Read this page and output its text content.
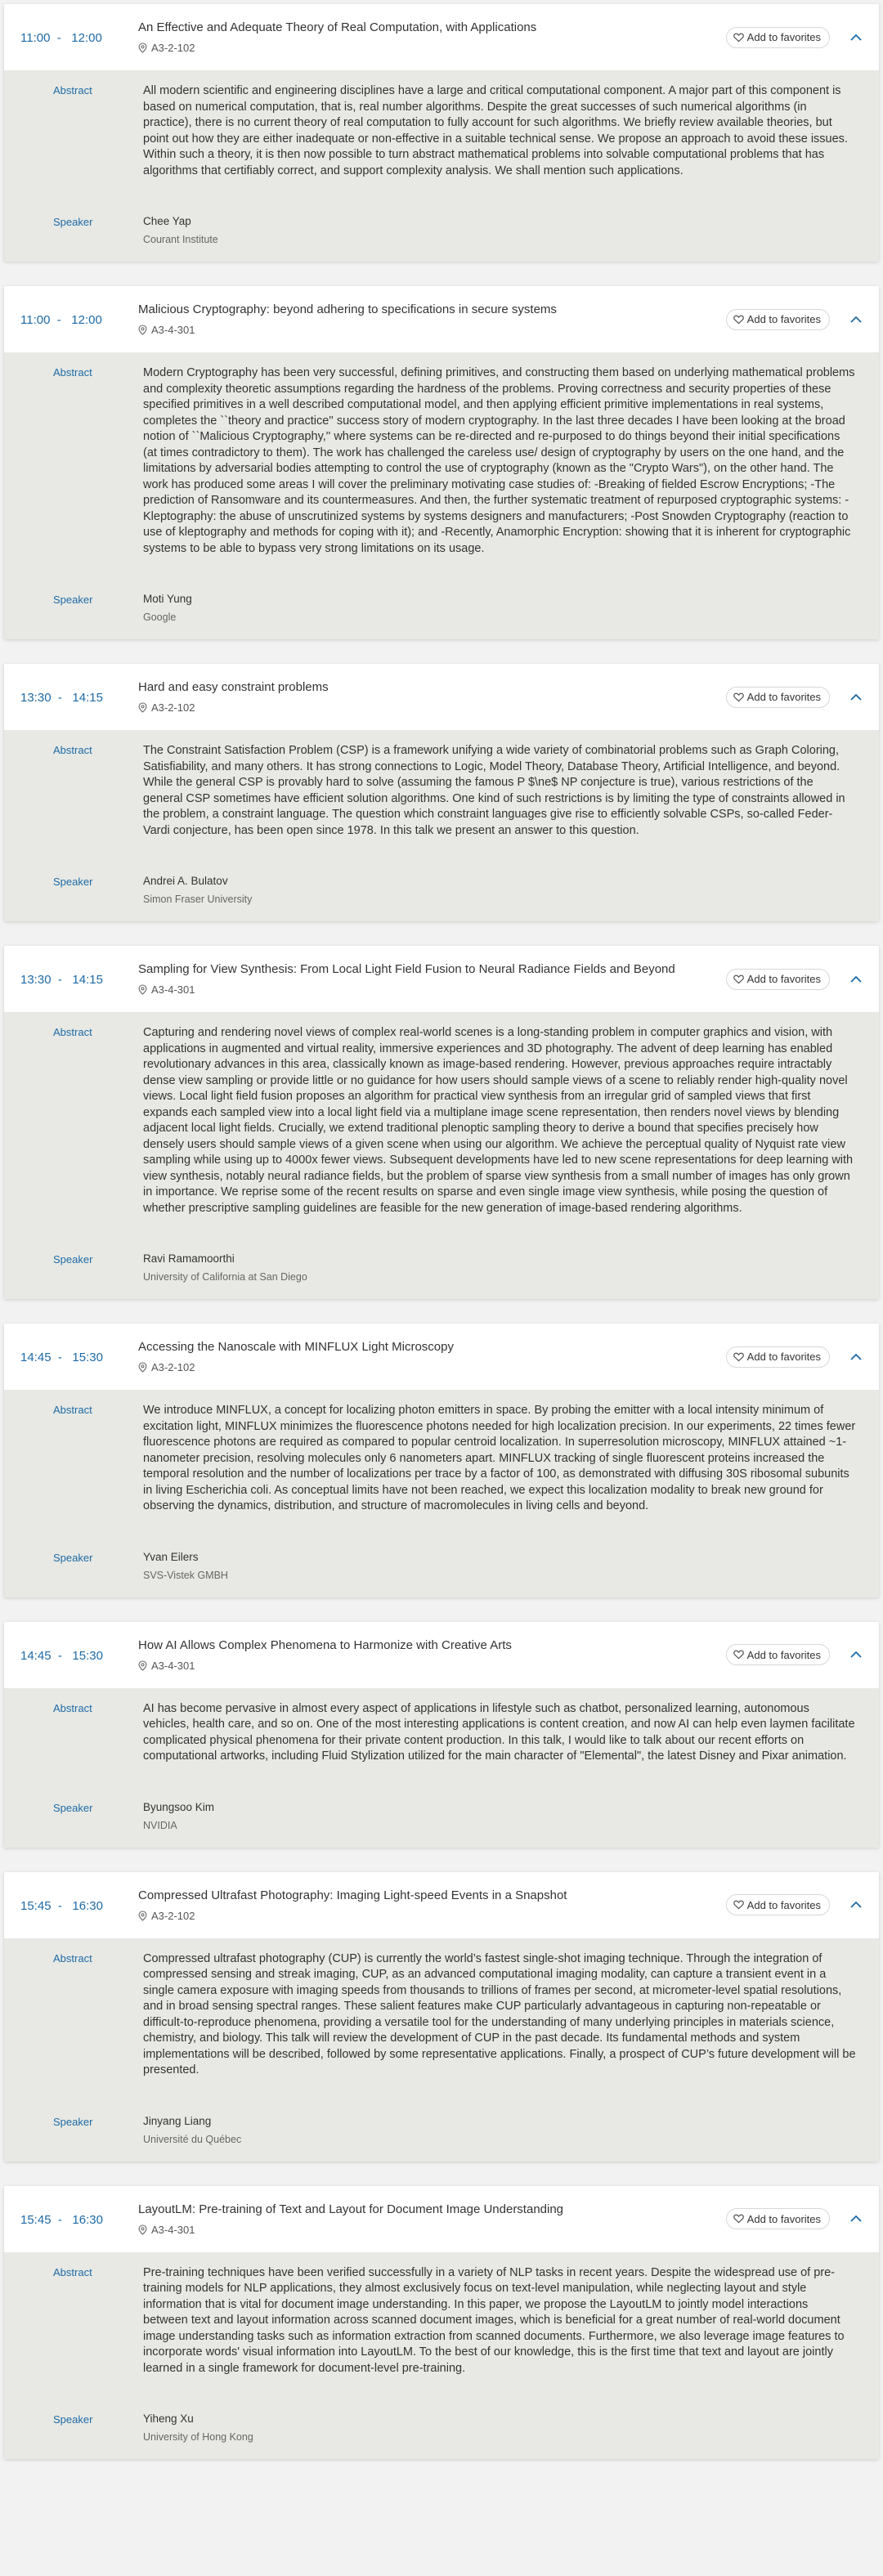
11:00  -   12:00
An Effective and Adequate Theory of Real Computation, with Applications
A3-2-102
Add to favorites
Abstract	All modern scientific and engineering disciplines have a large and critical computational component. A major part of this component is based on numerical computation, that is, real number algorithms. Despite the great successes of such numerical algorithms (in practice), there is no current theory of real computation to fully account for such algorithms. We briefly review available theories, but point out how they are either inadequate or non-effective in a suitable technical sense. We propose an approach to avoid these issues. Within such a theory, it is then now possible to turn abstract mathematical problems into solvable computational problems that has algorithms that certifiably correct, and support complexity analysis. We shall mention such applications.
Speaker	Chee Yap
Courant Institute
11:00  -   12:00
Malicious Cryptography: beyond adhering to specifications in secure systems
A3-4-301
Add to favorites
Abstract	Modern Cryptography has been very successful, defining primitives, and constructing them based on underlying mathematical problems and complexity theoretic assumptions regarding the hardness of the problems. Proving correctness and security properties of these specified primitives in a well described computational model, and then applying efficient primitive implementations in real systems, completes the ``theory and practice'' success story of modern cryptography. In the last three decades I have been looking at the broad notion of ``Malicious Cryptography,'' where systems can be re-directed and re-purposed to do things beyond their initial specifications (at times contradictory to them). The work has challenged the careless use/ design of cryptography by users on the one hand, and the limitations by adversarial bodies attempting to control the use of cryptography (known as the "Crypto Wars"), on the other hand. The work has produced some areas I will cover the preliminary motivating case studies of: -Breaking of fielded Escrow Encryptions; -The prediction of Ransomware and its countermeasures. And then, the further systematic treatment of repurposed cryptographic systems: -Kleptography: the abuse of unscrutinized systems by systems designers and manufacturers; -Post Snowden Cryptography (reaction to use of kleptography and methods for coping with it); and -Recently, Anamorphic Encryption: showing that it is inherent for cryptographic systems to be able to bypass very strong limitations on its usage.
Speaker	Moti Yung
Google
13:30  -   14:15
Hard and easy constraint problems
A3-2-102
Add to favorites
Abstract	The Constraint Satisfaction Problem (CSP) is a framework unifying a wide variety of combinatorial problems such as Graph Coloring, Satisfiability, and many others. It has strong connections to Logic, Model Theory, Database Theory, Artificial Intelligence, and beyond. While the general CSP is provably hard to solve (assuming the famous P $\ne$ NP conjecture is true), various restrictions of the general CSP sometimes have efficient solution algorithms. One kind of such restrictions is by limiting the type of constraints allowed in the problem, a constraint language. The question which constraint languages give rise to efficiently solvable CSPs, so-called Feder-Vardi conjecture, has been open since 1978. In this talk we present an answer to this question.
Speaker	Andrei A. Bulatov
Simon Fraser University
13:30  -   14:15
Sampling for View Synthesis: From Local Light Field Fusion to Neural Radiance Fields and Beyond
A3-4-301
Add to favorites
Abstract	Capturing and rendering novel views of complex real-world scenes is a long-standing problem in computer graphics and vision, with applications in augmented and virtual reality, immersive experiences and 3D photography. The advent of deep learning has enabled revolutionary advances in this area, classically known as image-based rendering. However, previous approaches require intractably dense view sampling or provide little or no guidance for how users should sample views of a scene to reliably render high-quality novel views. Local light field fusion proposes an algorithm for practical view synthesis from an irregular grid of sampled views that first expands each sampled view into a local light field via a multiplane image scene representation, then renders novel views by blending adjacent local light fields. Crucially, we extend traditional plenoptic sampling theory to derive a bound that specifies precisely how densely users should sample views of a given scene when using our algorithm. We achieve the perceptual quality of Nyquist rate view sampling while using up to 4000x fewer views. Subsequent developments have led to new scene representations for deep learning with view synthesis, notably neural radiance fields, but the problem of sparse view synthesis from a small number of images has only grown in importance. We reprise some of the recent results on sparse and even single image view synthesis, while posing the question of whether prescriptive sampling guidelines are feasible for the new generation of image-based rendering algorithms.
Speaker	Ravi Ramamoorthi
University of California at San Diego
14:45  -   15:30
Accessing the Nanoscale with MINFLUX Light Microscopy
A3-2-102
Add to favorites
Abstract	We introduce MINFLUX, a concept for localizing photon emitters in space. By probing the emitter with a local intensity minimum of excitation light, MINFLUX minimizes the fluorescence photons needed for high localization precision. In our experiments, 22 times fewer fluorescence photons are required as compared to popular centroid localization. In superresolution microscopy, MINFLUX attained ~1-nanometer precision, resolving molecules only 6 nanometers apart. MINFLUX tracking of single fluorescent proteins increased the temporal resolution and the number of localizations per trace by a factor of 100, as demonstrated with diffusing 30S ribosomal subunits in living Escherichia coli. As conceptual limits have not been reached, we expect this localization modality to break new ground for observing the dynamics, distribution, and structure of macromolecules in living cells and beyond.
Speaker	Yvan Eilers
SVS-Vistek GMBH
14:45  -   15:30
How AI Allows Complex Phenomena to Harmonize with Creative Arts
A3-4-301
Add to favorites
Abstract	AI has become pervasive in almost every aspect of applications in lifestyle such as chatbot, personalized learning, autonomous vehicles, health care, and so on. One of the most interesting applications is content creation, and now AI can help even laymen facilitate complicated physical phenomena for their private content production. In this talk, I would like to talk about our recent efforts on computational artworks, including Fluid Stylization utilized for the main character of "Elemental", the latest Disney and Pixar animation.
Speaker	Byungsoo Kim
NVIDIA
15:45  -   16:30
Compressed Ultrafast Photography: Imaging Light-speed Events in a Snapshot
A3-2-102
Add to favorites
Abstract	Compressed ultrafast photography (CUP) is currently the world’s fastest single-shot imaging technique. Through the integration of compressed sensing and streak imaging, CUP, as an advanced computational imaging modality, can capture a transient event in a single camera exposure with imaging speeds from thousands to trillions of frames per second, at micrometer-level spatial resolutions, and in broad sensing spectral ranges. These salient features make CUP particularly advantageous in capturing non-repeatable or difficult-to-reproduce phenomena, providing a versatile tool for the understanding of many underlying principles in materials science, chemistry, and biology. This talk will review the development of CUP in the past decade. Its fundamental methods and system implementations will be described, followed by some representative applications. Finally, a prospect of CUP’s future development will be presented.
Speaker	Jinyang Liang
Université du Québec
15:45  -   16:30
LayoutLM: Pre-training of Text and Layout for Document Image Understanding
A3-4-301
Add to favorites
Abstract	Pre-training techniques have been verified successfully in a variety of NLP tasks in recent years. Despite the widespread use of pre-training models for NLP applications, they almost exclusively focus on text-level manipulation, while neglecting layout and style information that is vital for document image understanding. In this paper, we propose the LayoutLM to jointly model interactions between text and layout information across scanned document images, which is beneficial for a great number of real-world document image understanding tasks such as information extraction from scanned documents. Furthermore, we also leverage image features to incorporate words' visual information into LayoutLM. To the best of our knowledge, this is the first time that text and layout are jointly learned in a single framework for document-level pre-training.
Speaker	Yiheng Xu
University of Hong Kong
